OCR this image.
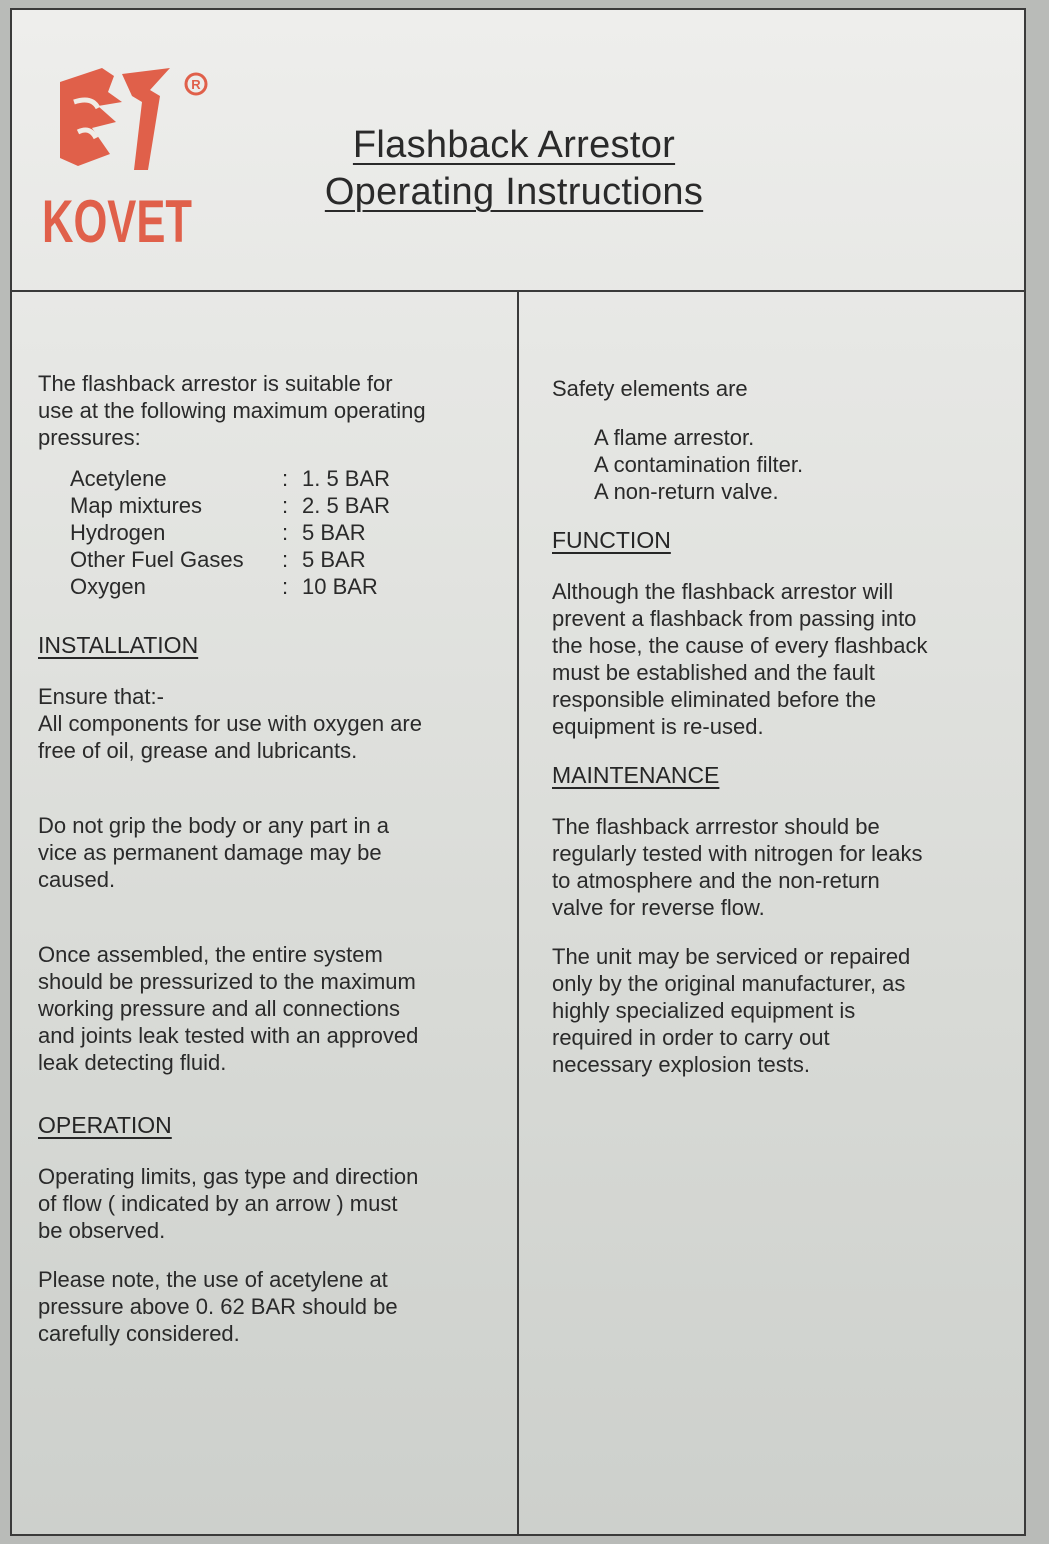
R
KOVET
Flashback Arrestor
Operating Instructions

The flashback arrestor is suitable for
use at the following maximum operating
pressures:

Acetylene	:	1. 5 BAR
Map mixtures	:	2. 5 BAR
Hydrogen	:	5 BAR
Other Fuel Gases	:	5 BAR
Oxygen	:	10 BAR

INSTALLATION

Ensure that:-
All components for use with oxygen are
free of oil, grease and lubricants.

Do not grip the body or any part in a
vice as permanent damage may be
caused.

Once assembled, the entire system
should be pressurized to the maximum
working pressure and all connections
and joints leak tested with an approved
leak detecting fluid.

OPERATION

Operating limits, gas type and direction
of flow ( indicated by an arrow ) must
be observed.

Please note, the use of acetylene at
pressure above 0. 62 BAR should be
carefully considered.

Safety elements are

A flame arrestor.

A contamination filter.

A non-return valve.

FUNCTION

Although the flashback arrestor will
prevent a flashback from passing into
the hose, the cause of every flashback
must be established and the fault
responsible eliminated before the
equipment is re-used.

MAINTENANCE

The flashback arrrestor should be
regularly tested with nitrogen for leaks
to atmosphere and the non-return
valve for reverse flow.

The unit may be serviced or repaired
only by the original manufacturer, as
highly specialized equipment is
required in order to carry out
necessary explosion tests.
